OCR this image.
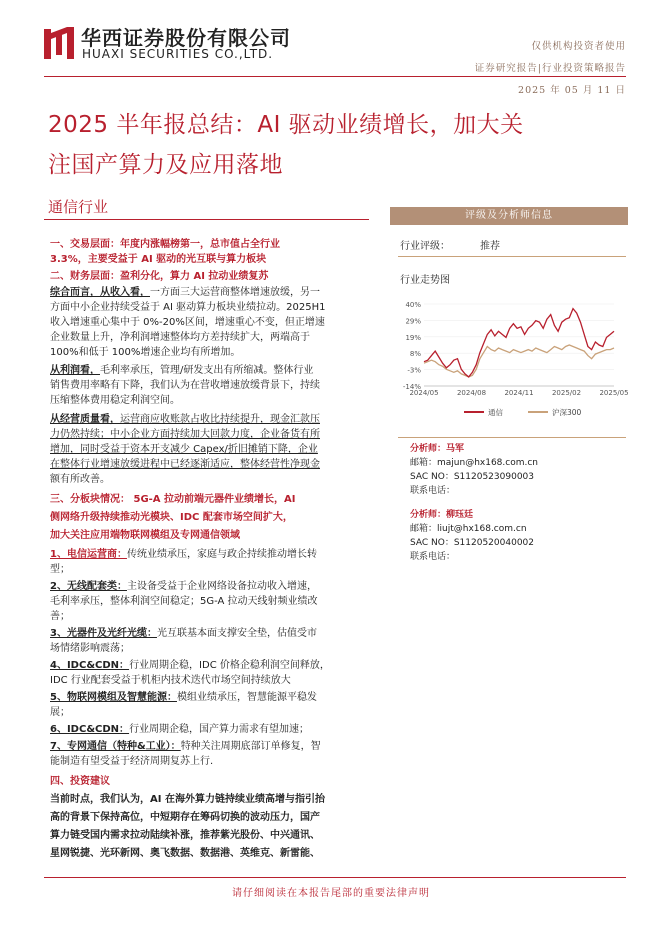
华西证券股份有限公司
HUAXI SECURITIES CO.,LTD.
仅供机构投资者使用
证券研究报告|行业投资策略报告
2025 年 05 月 11 日
2025 半年报总结：AI 驱动业绩增长，加大关
注国产算力及应用落地
通信行业
一、交易层面：年度内涨幅榜第一，总市值占全行业
3.3%，主要受益于 AI 驱动的光互联与算力板块
二、财务层面：盈利分化，算力 AI 拉动业绩复苏
综合而言，从收入看，一方面三大运营商整体增速放缓，另一
方面中小企业持续受益于 AI 驱动算力板块业绩拉动。2025H1
收入增速重心集中于 0%-20%区间，增速重心不变，但正增速
企业数量上升，净利润增速整体均方差持续扩大，两端高于
100%和低于 100%增速企业均有所增加。
从利润看，毛利率承压，管理/研发支出有所缩减。整体行业
销售费用率略有下降，我们认为在营收增速放缓背景下，持续
压缩整体费用稳定利润空间。
从经营质量看，运营商应收账款占收比持续提升，现金汇款压
力仍然持续；中小企业方面持续加大回款力度，企业备货有所
增加，同时受益于资本开支减少 Capex/折旧摊销下降，企业
在整体行业增速放缓进程中已经逐渐适应，整体经营性净现金
额有所改善。
三、分板块情况： 5G-A 拉动前端元器件业绩增长，AI
侧网络升级持续推动光模块、IDC 配套市场空间扩大，
加大关注应用端物联网模组及专网通信领域
1、电信运营商：传统业绩承压，家庭与政企持续推动增长转
型；
2、无线配套类：主设备受益于企业网络设备拉动收入增速，
毛利率承压，整体利润空间稳定；5G-A 拉动天线射频业绩改
善；
3、光器件及光纤光缆：光互联基本面支撑安全垫，估值受市
场情绪影响震荡；
4、IDC&CDN：行业周期企稳，IDC 价格企稳利润空间释放，
IDC 行业配套受益于机柜内技术迭代市场空间持续放大
5、物联网模组及智慧能源：模组业绩承压，智慧能源平稳发
展；
6、IDC&CDN：行业周期企稳，国产算力需求有望加速；
7、专网通信（特种&工业）：特种关注周期底部订单修复，智
能制造有望受益于经济周期复苏上行.
四、投资建议
当前时点，我们认为，AI 在海外算力链持续业绩高增与指引抬
高的背景下保持高位，中短期存在筹码切换的波动压力，国产
算力链受国内需求拉动陆续补涨，推荐紫光股份、中兴通讯、
星网锐捷、光环新网、奥飞数据、数据港、英维克、新雷能、
评级及分析师信息
行业评级：	推荐
行业走势图
40%
29%
19%
8%
-3%
-14%
2024/05	2024/08	2024/11	2025/02	2025/05
通信	沪深300
分析师：马军
邮箱：majun@hx168.com.cn
SAC NO：S1120523090003
联系电话：
分析师：柳珏廷
邮箱：liujt@hx168.com.cn
SAC NO：S1120520040002
联系电话：
请仔细阅读在本报告尾部的重要法律声明
